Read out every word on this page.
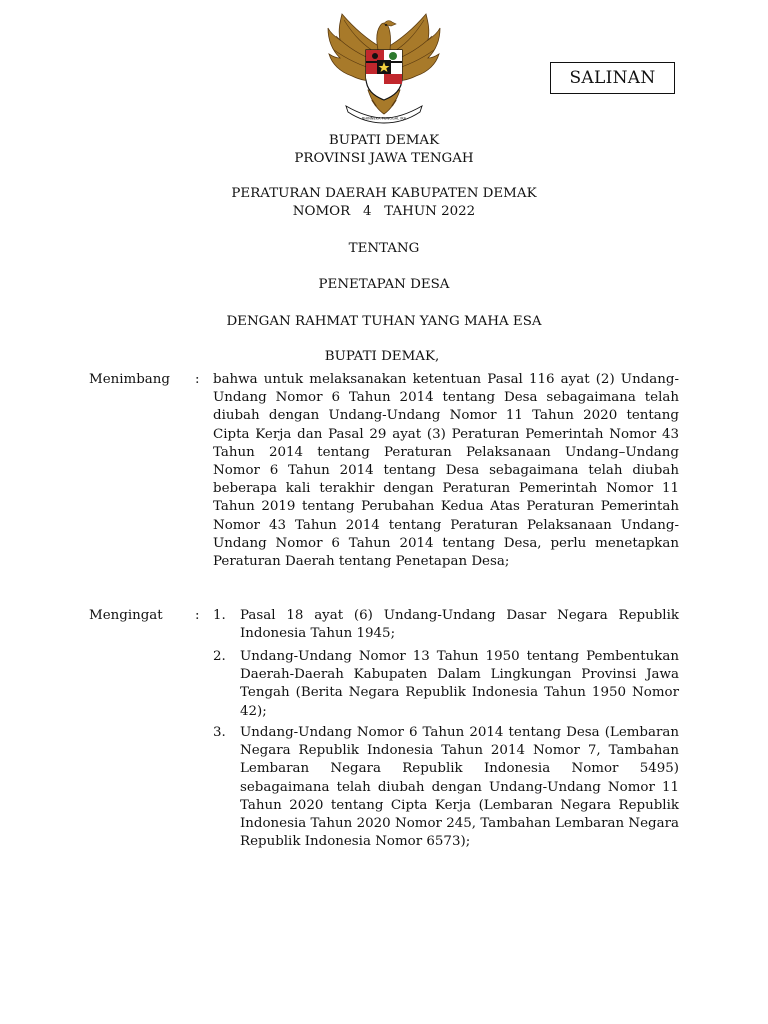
BHINNEKA TUNGGAL IKA
SALINAN
BUPATI DEMAK
PROVINSI JAWA TENGAH
PERATURAN DAERAH KABUPATEN DEMAK
NOMOR   4   TAHUN 2022
TENTANG
PENETAPAN DESA
DENGAN RAHMAT TUHAN YANG MAHA ESA
BUPATI DEMAK,
Menimbang : bahwa untuk melaksanakan ketentuan Pasal 116 ayat (2) Undang-Undang Nomor 6 Tahun 2014 tentang Desa sebagaimana telah diubah dengan Undang-Undang Nomor 11 Tahun 2020 tentang Cipta Kerja dan Pasal 29 ayat (3) Peraturan Pemerintah Nomor 43 Tahun 2014 tentang Peraturan Pelaksanaan Undang–Undang Nomor 6 Tahun 2014 tentang Desa sebagaimana telah diubah beberapa kali terakhir dengan Peraturan Pemerintah Nomor 11 Tahun 2019 tentang Perubahan Kedua Atas Peraturan Pemerintah Nomor 43 Tahun 2014 tentang Peraturan Pelaksanaan Undang-Undang Nomor 6 Tahun 2014 tentang Desa, perlu menetapkan Peraturan Daerah tentang Penetapan Desa;
Mengingat : 1. Pasal 18 ayat (6) Undang-Undang Dasar Negara Republik Indonesia Tahun 1945;
2. Undang-Undang Nomor 13 Tahun 1950 tentang Pembentukan Daerah-Daerah Kabupaten Dalam Lingkungan Provinsi Jawa Tengah (Berita Negara Republik Indonesia Tahun 1950 Nomor 42);
3. Undang-Undang Nomor 6 Tahun 2014 tentang Desa (Lembaran Negara Republik Indonesia Tahun 2014 Nomor 7, Tambahan Lembaran Negara Republik Indonesia Nomor 5495) sebagaimana telah diubah dengan Undang-Undang Nomor 11 Tahun 2020 tentang Cipta Kerja (Lembaran Negara Republik Indonesia Tahun 2020 Nomor 245, Tambahan Lembaran Negara Republik Indonesia Nomor 6573);
